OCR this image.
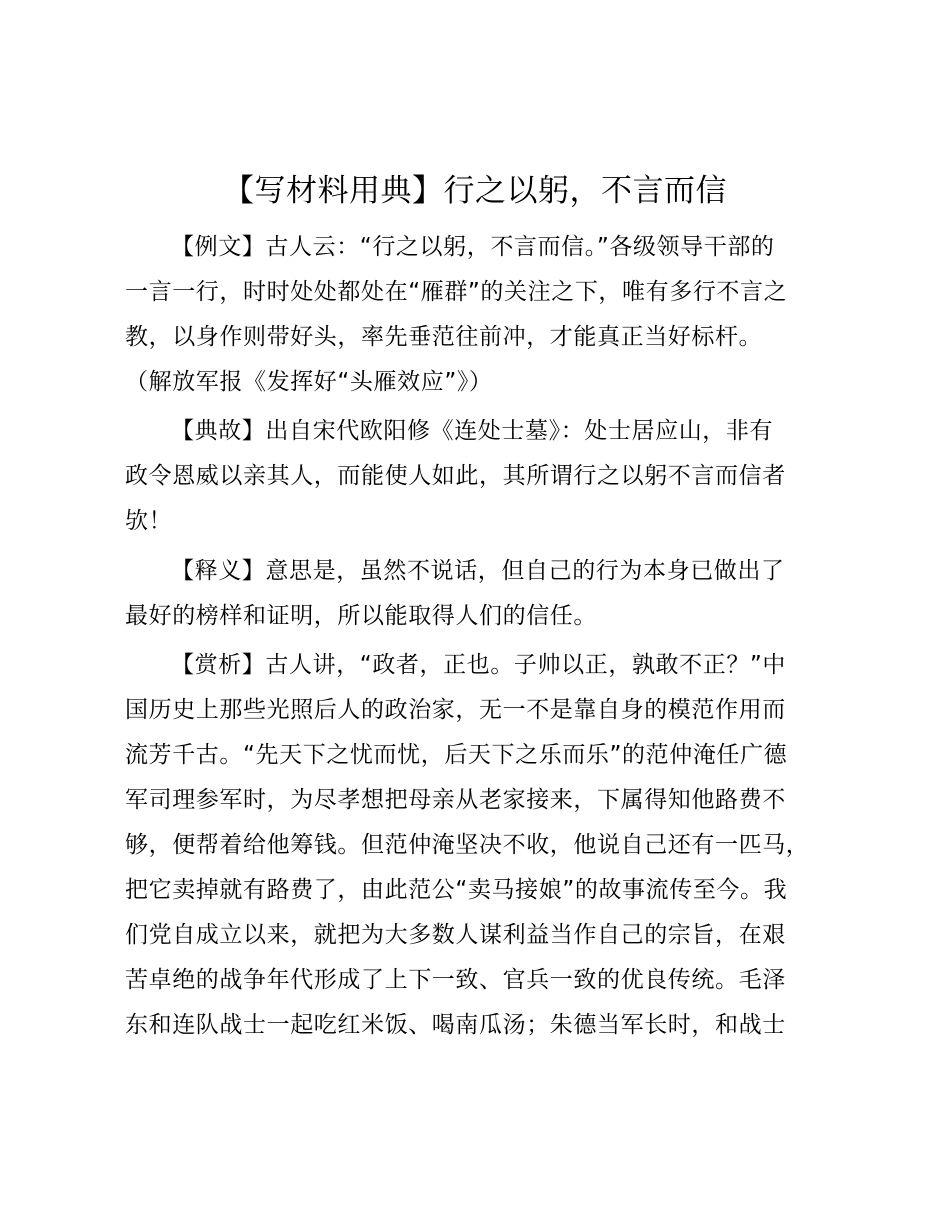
【写材料用典】行之以躬，不言而信
【例文】古人云：“行之以躬，不言而信。”各级领导干部的
一言一行，时时处处都处在“雁群”的关注之下，唯有多行不言之
教，以身作则带好头，率先垂范往前冲，才能真正当好标杆。
（解放军报《发挥好“头雁效应”》）
【典故】出自宋代欧阳修《连处士墓》：处士居应山，非有
政令恩威以亲其人，而能使人如此，其所谓行之以躬不言而信者
欤！
【释义】意思是，虽然不说话，但自己的行为本身已做出了
最好的榜样和证明，所以能取得人们的信任。
【赏析】古人讲，“政者，正也。子帅以正，孰敢不正？”中
国历史上那些光照后人的政治家，无一不是靠自身的模范作用而
流芳千古。“先天下之忧而忧，后天下之乐而乐”的范仲淹任广德
军司理参军时，为尽孝想把母亲从老家接来，下属得知他路费不
够，便帮着给他筹钱。但范仲淹坚决不收，他说自己还有一匹马，
把它卖掉就有路费了，由此范公“卖马接娘”的故事流传至今。我
们党自成立以来，就把为大多数人谋利益当作自己的宗旨，在艰
苦卓绝的战争年代形成了上下一致、官兵一致的优良传统。毛泽
东和连队战士一起吃红米饭、喝南瓜汤；朱德当军长时，和战士
